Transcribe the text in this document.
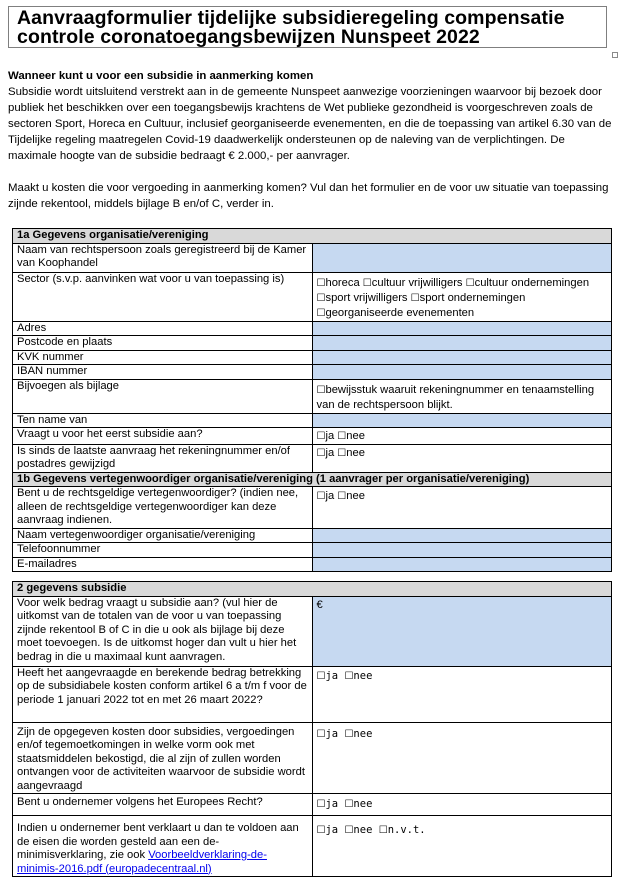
Aanvraagformulier tijdelijke subsidieregeling compensatie controle coronatoegangsbewijzen Nunspeet 2022

Wanneer kunt u voor een subsidie in aanmerking komen

Subsidie wordt uitsluitend verstrekt aan in de gemeente Nunspeet aanwezige voorzieningen waarvoor bij bezoek door publiek het beschikken over een toegangsbewijs krachtens de Wet publieke gezondheid is voorgeschreven zoals de sectoren Sport, Horeca en Cultuur, inclusief georganiseerde evenementen, en die de toepassing van artikel 6.30 van de Tijdelijke regeling maatregelen Covid-19 daadwerkelijk ondersteunen op de naleving van de verplichtingen. De maximale hoogte van de subsidie bedraagt € 2.000,- per aanvrager.

Maakt u kosten die voor vergoeding in aanmerking komen? Vul dan het formulier en de voor uw situatie van toepassing zijnde rekentool, middels bijlage B en/of C, verder in.

1a Gegevens organisatie/vereniging	
Naam van rechtspersoon zoals geregistreerd bij de Kamer van Koophandel	
Sector (s.v.p. aanvinken wat voor u van toepassing is)	☐horeca ☐cultuur vrijwilligers ☐cultuur ondernemingen ☐sport vrijwilligers ☐sport ondernemingen ☐georganiseerde evenementen
Adres	
Postcode en plaats	
KVK nummer	
IBAN nummer	
Bijvoegen als bijlage	☐bewijsstuk waaruit rekeningnummer en tenaamstelling van de rechtspersoon blijkt.
Ten name van	
Vraagt u voor het eerst subsidie aan?	☐ja ☐nee
Is sinds de laatste aanvraag het rekeningnummer en/of postadres gewijzigd	☐ja ☐nee
1b Gegevens vertegenwoordiger organisatie/vereniging (1 aanvrager per organisatie/vereniging)	
Bent u de rechtsgeldige vertegenwoordiger? (indien nee, alleen de rechtsgeldige vertegenwoordiger kan deze aanvraag indienen.	☐ja ☐nee
Naam vertegenwoordiger organisatie/vereniging	
Telefoonnummer	
E-mailadres	
2 gegevens subsidie	
Voor welk bedrag vraagt u subsidie aan? (vul hier de uitkomst van de totalen van de voor u van toepassing zijnde rekentool B of C in die u ook als bijlage bij deze moet toevoegen. Is de uitkomst hoger dan vult u hier het bedrag in die u maximaal kunt aanvragen.	€
Heeft het aangevraagde en berekende bedrag betrekking op de subsidiabele kosten conform artikel 6 a t/m f voor de periode 1 januari 2022 tot en met 26 maart 2022?	☐ja ☐nee
Zijn de opgegeven kosten door subsidies, vergoedingen en/of tegemoetkomingen in welke vorm ook met staatsmiddelen bekostigd, die al zijn of zullen worden ontvangen voor de activiteiten waarvoor de subsidie wordt aangevraagd	☐ja ☐nee
Bent u ondernemer volgens het Europees Recht?	☐ja ☐nee
Indien u ondernemer bent verklaart u dan te voldoen aan de eisen die worden gesteld aan een de-minimisverklaring, zie ook Voorbeeldverklaring-de-minimis-2016.pdf (europadecentraal.nl)	☐ja ☐nee ☐n.v.t.
